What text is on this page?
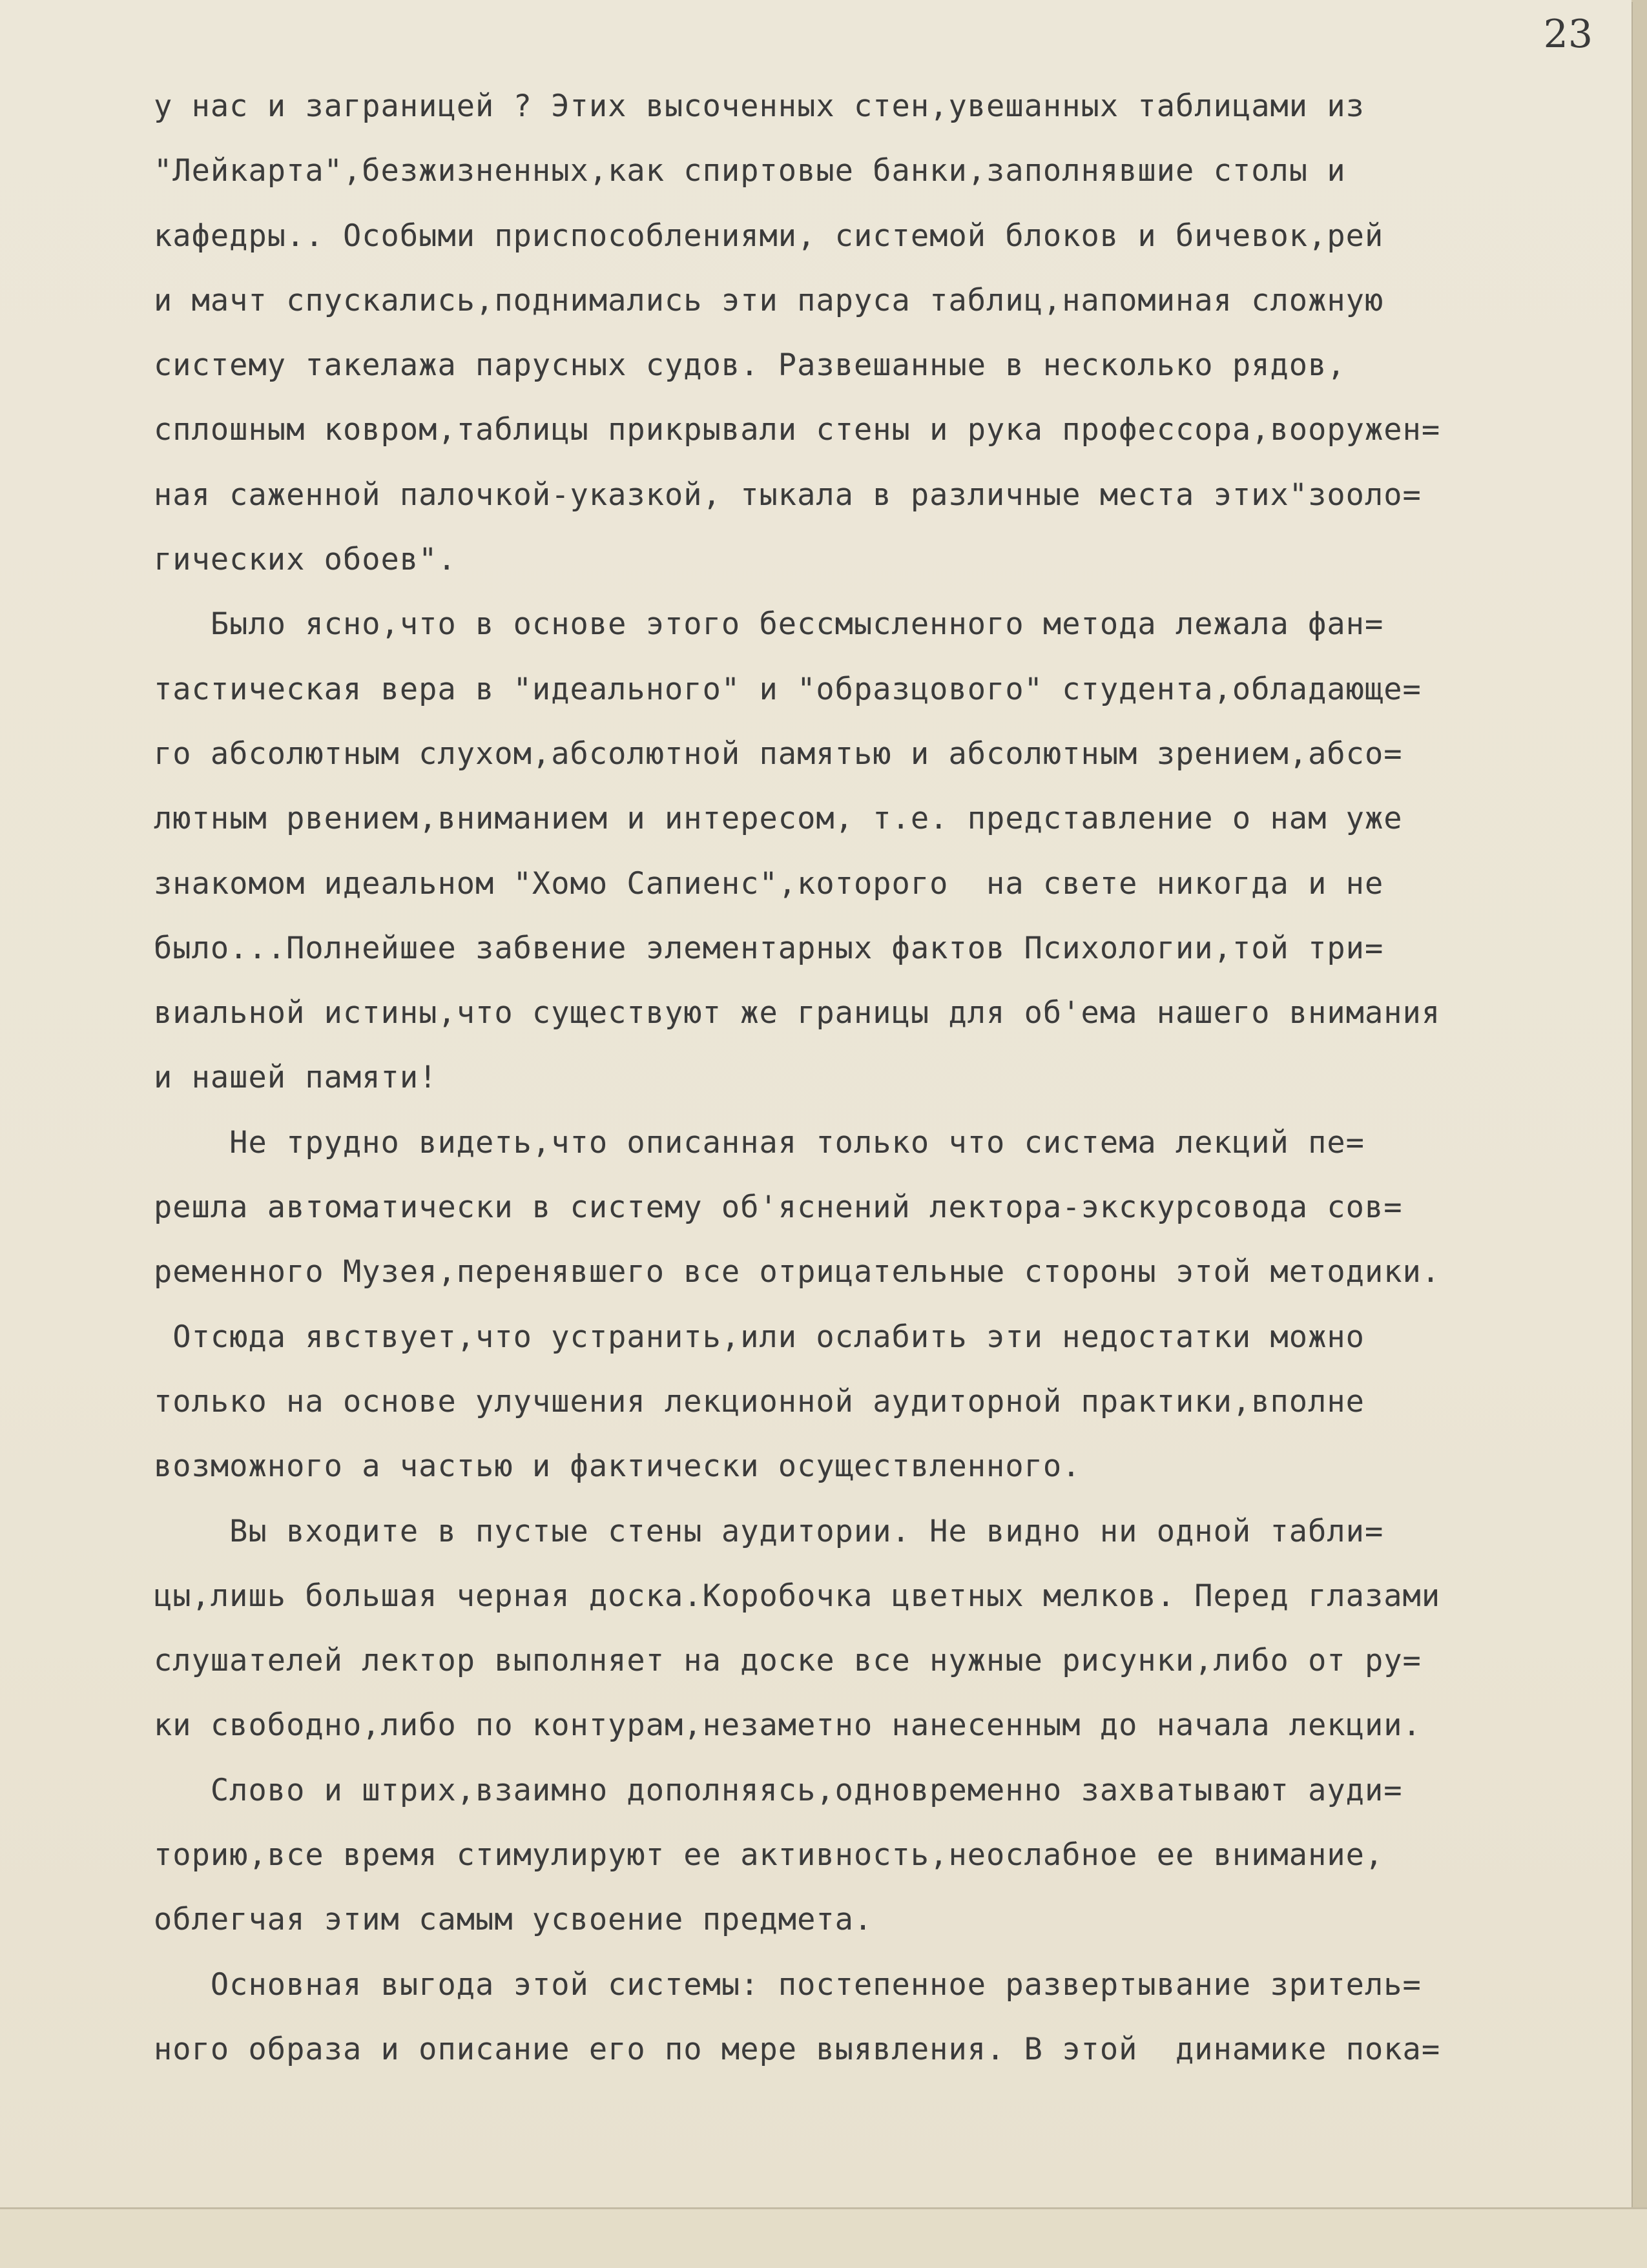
23
у нас и заграницей ? Этих высоченных стен,увешанных таблицами из
"Лейкарта",безжизненных,как спиртовые банки,заполнявшие столы и
кафедры.. Особыми приспособлениями, системой блоков и бичевок,рей
и мачт спускались,поднимались эти паруса таблиц,напоминая сложную
систему такелажа парусных судов. Развешанные в несколько рядов,
сплошным ковром,таблицы прикрывали стены и рука профессора,вооружен=
ная саженной палочкой-указкой, тыкала в различные места этих"зооло=
гических обоев".
Было ясно,что в основе этого бессмысленного метода лежала фан=
тастическая вера в "идеального" и "образцового" студента,обладающе=
го абсолютным слухом,абсолютной памятью и абсолютным зрением,абсо=
лютным рвением,вниманием и интересом, т.е. представление о нам уже
знакомом идеальном "Хомо Сапиенс",которого  на свете никогда и не
было...Полнейшее забвение элементарных фактов Психологии,той три=
виальной истины,что существуют же границы для об'ема нашего внимания
и нашей памяти!
Не трудно видеть,что описанная только что система лекций пе=
решла автоматически в систему об'яснений лектора-экскурсовода сов=
ременного Музея,перенявшего все отрицательные стороны этой методики.
Отсюда явствует,что устранить,или ослабить эти недостатки можно
только на основе улучшения лекционной аудиторной практики,вполне
возможного а частью и фактически осуществленного.
Вы входите в пустые стены аудитории. Не видно ни одной табли=
цы,лишь большая черная доска.Коробочка цветных мелков. Перед глазами
слушателей лектор выполняет на доске все нужные рисунки,либо от ру=
ки свободно,либо по контурам,незаметно нанесенным до начала лекции.
Слово и штрих,взаимно дополняясь,одновременно захватывают ауди=
торию,все время стимулируют ее активность,неослабное ее внимание,
облегчая этим самым усвоение предмета.
Основная выгода этой системы: постепенное развертывание зритель=
ного образа и описание его по мере выявления. В этой  динамике пока=
